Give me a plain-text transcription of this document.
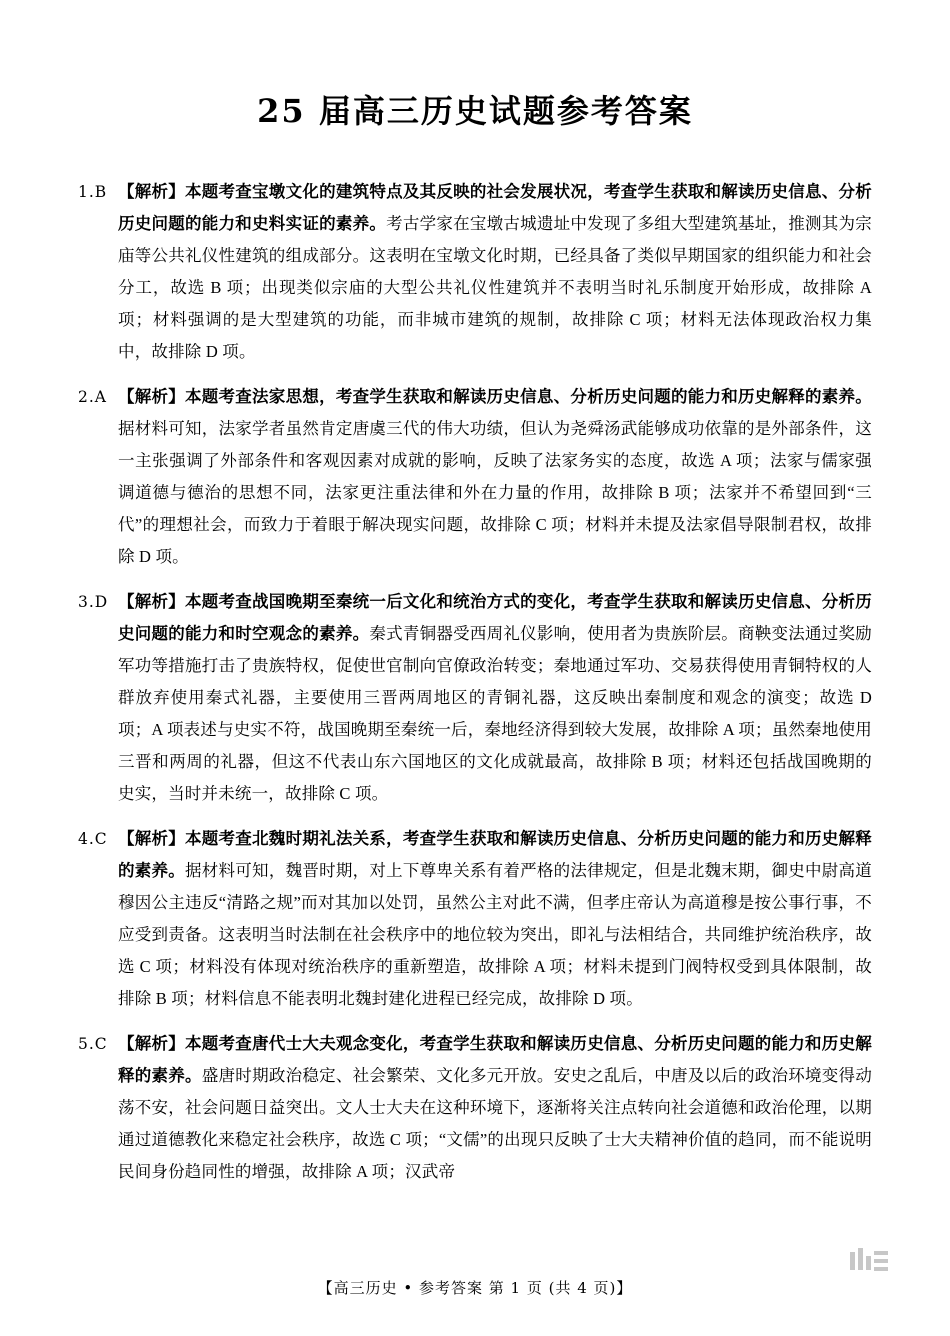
25 届高三历史试题参考答案
1.B 【解析】本题考查宝墩文化的建筑特点及其反映的社会发展状况，考查学生获取和解读历史信息、分析历史问题的能力和史料实证的素养。考古学家在宝墩古城遗址中发现了多组大型建筑基址，推测其为宗庙等公共礼仪性建筑的组成部分。这表明在宝墩文化时期，已经具备了类似早期国家的组织能力和社会分工，故选 B 项；出现类似宗庙的大型公共礼仪性建筑并不表明当时礼乐制度开始形成，故排除 A 项；材料强调的是大型建筑的功能，而非城市建筑的规制，故排除 C 项；材料无法体现政治权力集中，故排除 D 项。
2.A 【解析】本题考查法家思想，考查学生获取和解读历史信息、分析历史问题的能力和历史解释的素养。据材料可知，法家学者虽然肯定唐虞三代的伟大功绩，但认为尧舜汤武能够成功依靠的是外部条件，这一主张强调了外部条件和客观因素对成就的影响，反映了法家务实的态度，故选 A 项；法家与儒家强调道德与德治的思想不同，法家更注重法律和外在力量的作用，故排除 B 项；法家并不希望回到“三代”的理想社会，而致力于着眼于解决现实问题，故排除 C 项；材料并未提及法家倡导限制君权，故排除 D 项。
3.D 【解析】本题考查战国晚期至秦统一后文化和统治方式的变化，考查学生获取和解读历史信息、分析历史问题的能力和时空观念的素养。秦式青铜器受西周礼仪影响，使用者为贵族阶层。商鞅变法通过奖励军功等措施打击了贵族特权，促使世官制向官僚政治转变；秦地通过军功、交易获得使用青铜特权的人群放弃使用秦式礼器，主要使用三晋两周地区的青铜礼器，这反映出秦制度和观念的演变；故选 D 项；A 项表述与史实不符，战国晚期至秦统一后，秦地经济得到较大发展，故排除 A 项；虽然秦地使用三晋和两周的礼器，但这不代表山东六国地区的文化成就最高，故排除 B 项；材料还包括战国晚期的史实，当时并未统一，故排除 C 项。
4.C 【解析】本题考查北魏时期礼法关系，考查学生获取和解读历史信息、分析历史问题的能力和历史解释的素养。据材料可知，魏晋时期，对上下尊卑关系有着严格的法律规定，但是北魏末期，御史中尉高道穆因公主违反“清路之规”而对其加以处罚，虽然公主对此不满，但孝庄帝认为高道穆是按公事行事，不应受到责备。这表明当时法制在社会秩序中的地位较为突出，即礼与法相结合，共同维护统治秩序，故选 C 项；材料没有体现对统治秩序的重新塑造，故排除 A 项；材料未提到门阀特权受到具体限制，故排除 B 项；材料信息不能表明北魏封建化进程已经完成，故排除 D 项。
5.C 【解析】本题考查唐代士大夫观念变化，考查学生获取和解读历史信息、分析历史问题的能力和历史解释的素养。盛唐时期政治稳定、社会繁荣、文化多元开放。安史之乱后，中唐及以后的政治环境变得动荡不安，社会问题日益突出。文人士大夫在这种环境下，逐渐将关注点转向社会道德和政治伦理，以期通过道德教化来稳定社会秩序，故选 C 项；“文儒”的出现只反映了士大夫精神价值的趋同，而不能说明民间身份趋同性的增强，故排除 A 项；汉武帝
【高三历史 • 参考答案 第 1 页 (共 4 页)】
